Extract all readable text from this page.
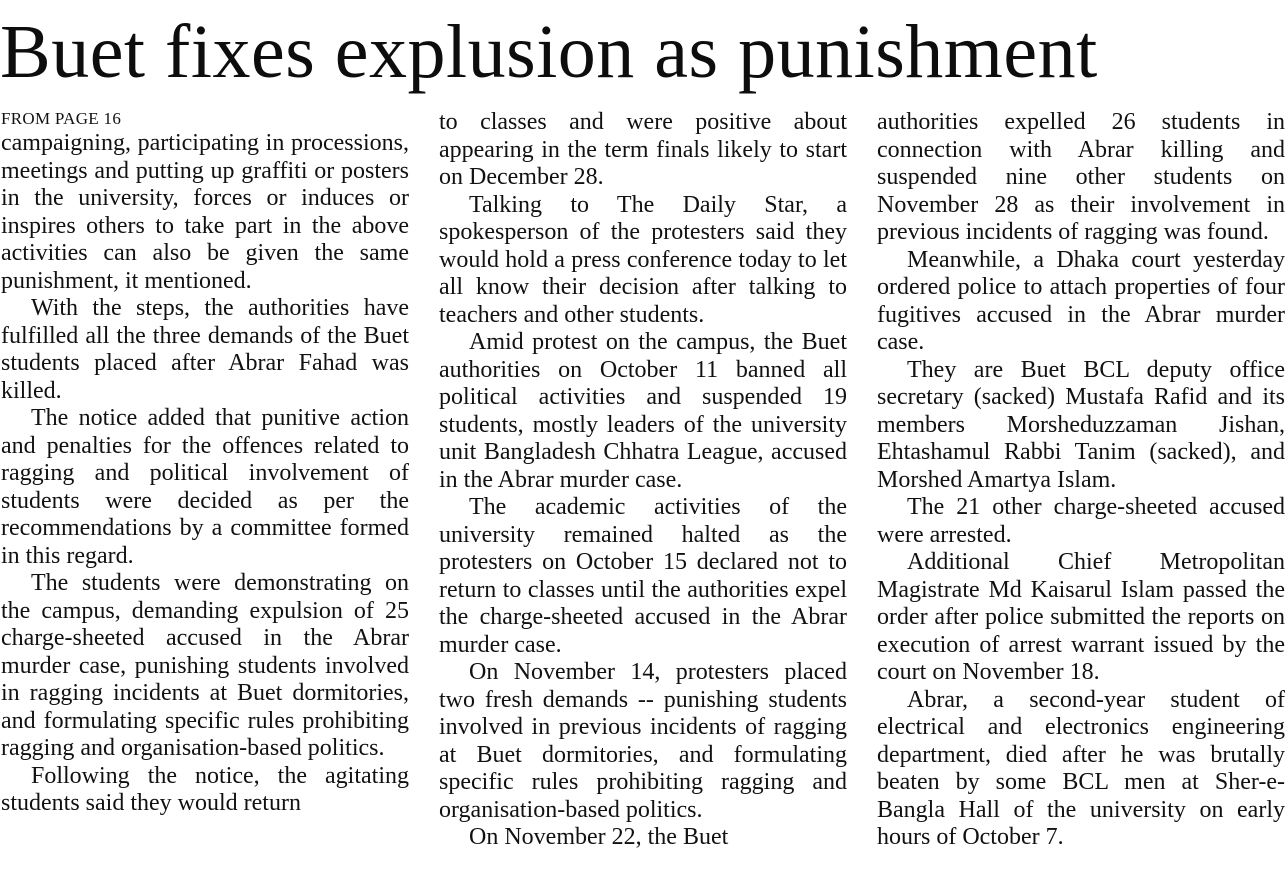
Buet fixes explusion as punishment

FROM PAGE 16

campaigning, participating in processions, meetings and putting up graffiti or posters in the university, forces or induces or inspires others to take part in the above activities can also be given the same punishment, it mentioned.

With the steps, the authorities have fulfilled all the three demands of the Buet students placed after Abrar Fahad was killed.

The notice added that punitive action and penalties for the offences related to ragging and political involvement of students were decided as per the recommendations by a committee formed in this regard.

The students were demonstrating on the campus, demanding expulsion of 25 charge-sheeted accused in the Abrar murder case, punishing students involved in ragging incidents at Buet dormitories, and formulating specific rules prohibiting ragging and organisation-based politics.

Following the notice, the agitating students said they would return

to classes and were positive about appearing in the term finals likely to start on December 28.

Talking to The Daily Star, a spokesperson of the protesters said they would hold a press conference today to let all know their decision after talking to teachers and other students.

Amid protest on the campus, the Buet authorities on October 11 banned all political activities and suspended 19 students, mostly leaders of the university unit Bangladesh Chhatra League, accused in the Abrar murder case.

The academic activities of the university remained halted as the protesters on October 15 declared not to return to classes until the authorities expel the charge-sheeted accused in the Abrar murder case.

On November 14, protesters placed two fresh demands -- punishing students involved in previous incidents of ragging at Buet dormitories, and formulating specific rules prohibiting ragging and organisation-based politics.

On November 22, the Buet

authorities expelled 26 students in connection with Abrar killing and suspended nine other students on November 28 as their involvement in previous incidents of ragging was found.

Meanwhile, a Dhaka court yesterday ordered police to attach properties of four fugitives accused in the Abrar murder case.

They are Buet BCL deputy office secretary (sacked) Mustafa Rafid and its members Morsheduzzaman Jishan, Ehtashamul Rabbi Tanim (sacked), and Morshed Amartya Islam.

The 21 other charge-sheeted accused were arrested.

Additional Chief Metropolitan Magistrate Md Kaisarul Islam passed the order after police submitted the reports on execution of arrest warrant issued by the court on November 18.

Abrar, a second-year student of electrical and electronics engineering department, died after he was brutally beaten by some BCL men at Sher-e-Bangla Hall of the university on early hours of October 7.
